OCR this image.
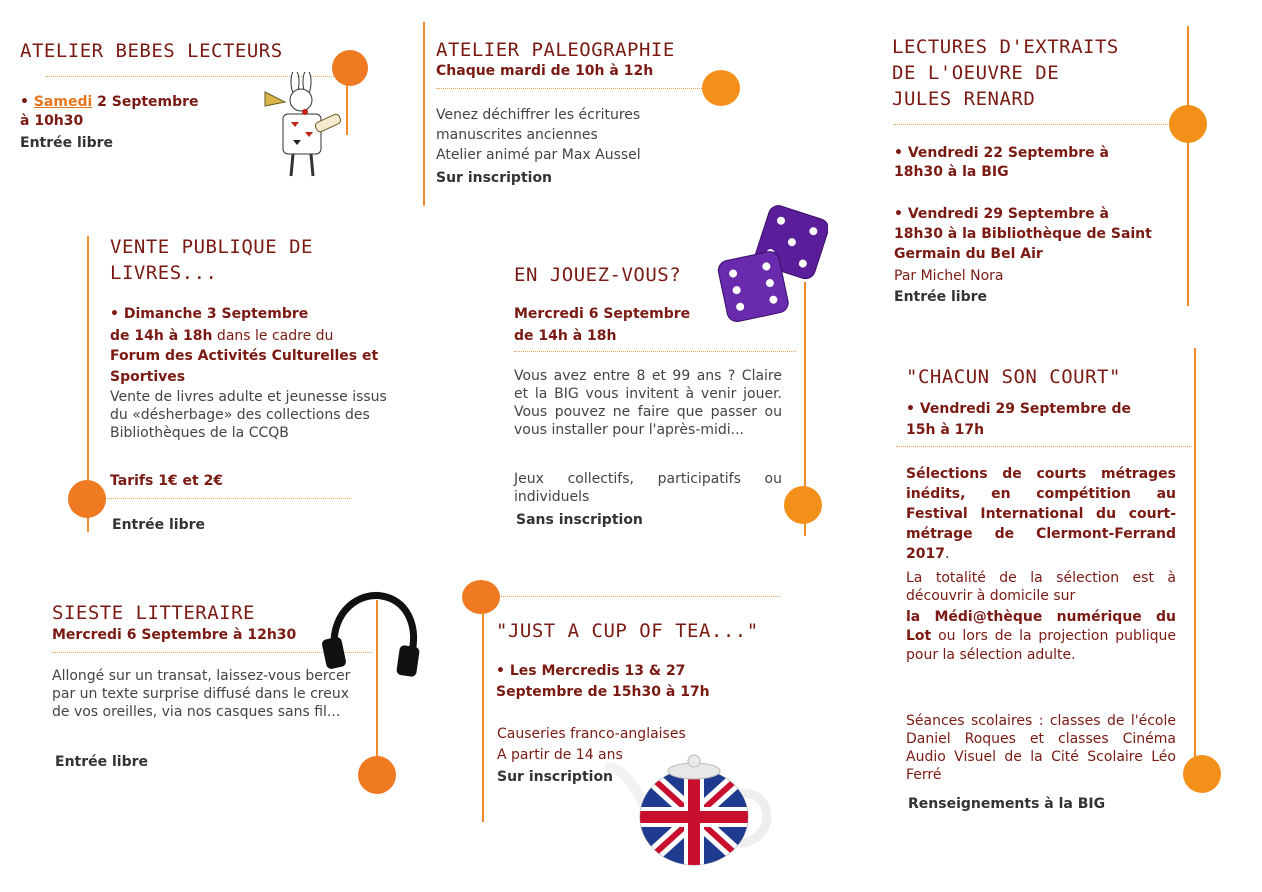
ATELIER BEBES LECTEURS
• Samedi 2 Septembre
à 10h30
Entrée libre
ATELIER PALEOGRAPHIE
Chaque mardi de 10h à 12h
Venez déchiffrer les écritures
manuscrites anciennes
Atelier animé par Max Aussel
Sur inscription
LECTURES D'EXTRAITS
DE L'OEUVRE DE
JULES RENARD
• Vendredi 22 Septembre à
18h30 à la BIG
• Vendredi 29 Septembre à
18h30 à la Bibliothèque de Saint
Germain du Bel Air
Par Michel Nora
Entrée libre
VENTE PUBLIQUE DE
LIVRES...
• Dimanche 3 Septembre
de 14h à 18h dans le cadre du
Forum des Activités Culturelles et
Sportives
Vente de livres adulte et jeunesse issus du «désherbage» des collections des Bibliothèques de la CCQB
Tarifs 1€ et 2€
Entrée libre
EN JOUEZ-VOUS?
Mercredi 6 Septembre
de 14h à 18h
Vous avez entre 8 et 99 ans ? Claire et la BIG vous invitent à venir jouer. Vous pouvez ne faire que passer ou vous installer pour l'après-midi...
Jeux collectifs, participatifs ou individuels
Sans inscription
"CHACUN SON COURT"
• Vendredi 29 Septembre de
15h à 17h
Sélections de courts métrages inédits, en compétition au Festival International du court-métrage de Clermont-Ferrand 2017.
La totalité de la sélection est à découvrir à domicile sur
la Médi@thèque numérique du Lot ou lors de la projection publique pour la sélection adulte.
Séances scolaires : classes de l'école Daniel Roques et classes Cinéma Audio Visuel de la Cité Scolaire Léo Ferré
Renseignements à la BIG
SIESTE LITTERAIRE
Mercredi 6 Septembre à 12h30
Allongé sur un transat, laissez-vous bercer par un texte surprise diffusé dans le creux de vos oreilles, via nos casques sans fil...
Entrée libre
"JUST A CUP OF TEA..."
• Les Mercredis 13 & 27
Septembre de 15h30 à 17h
Causeries franco-anglaises
A partir de 14 ans
Sur inscription
